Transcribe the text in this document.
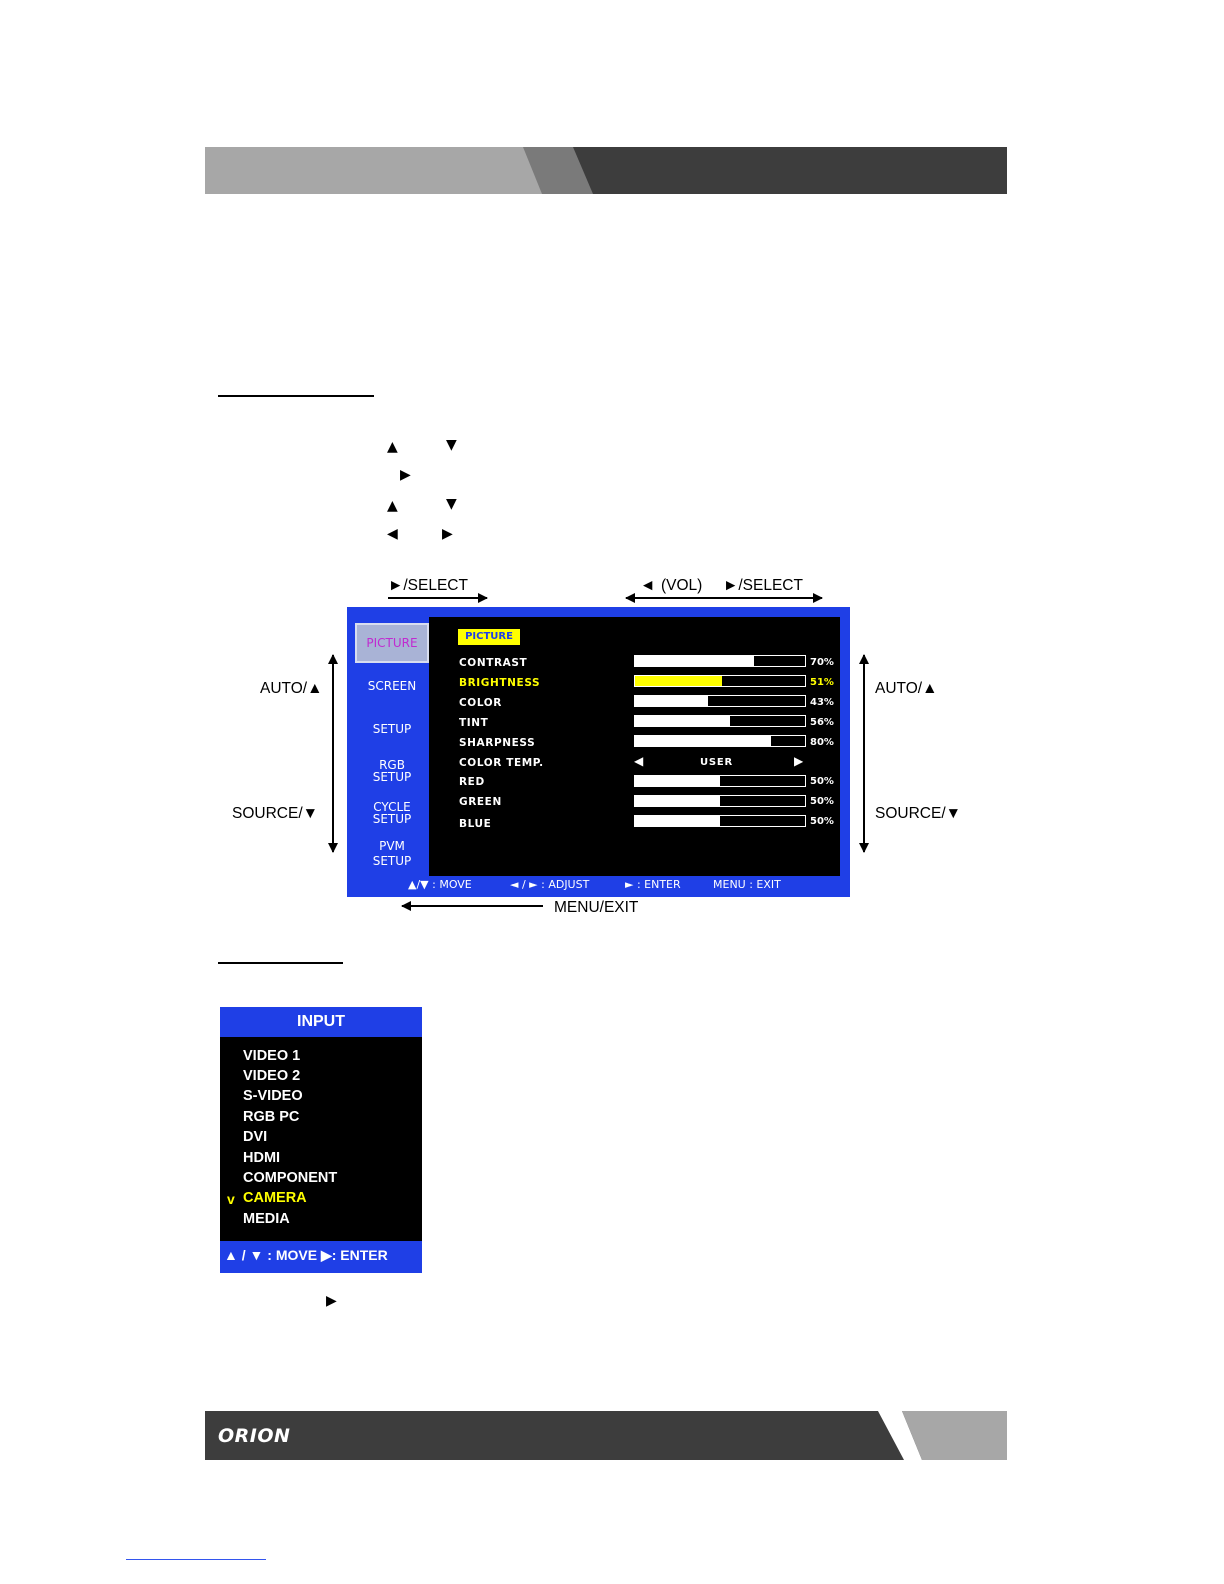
▲	▼
▶
▲	▼
◀	▶
►/SELECT	◄ (VOL) ►/SELECT
AUTO/▲
SOURCE/▼
AUTO/▲
SOURCE/▼
MENU/EXIT
PICTURE
SCREEN
SETUP
RGB
SETUP
CYCLE
SETUP
PVM
SETUP
PICTURE
CONTRAST	70%
BRIGHTNESS	51%
COLOR	43%
TINT	56%
SHARPNESS	80%
COLOR TEMP.	◀	USER	▶
RED	50%
GREEN	50%
BLUE	50%
▲/▼ : MOVE	◄ / ► : ADJUST	► : ENTER	MENU : EXIT
INPUT
VIDEO 1
VIDEO 2
S-VIDEO
RGB PC
DVI
HDMI
COMPONENT
v CAMERA
MEDIA
▲ / ▼ : MOVE ▶: ENTER
▶
ORION
